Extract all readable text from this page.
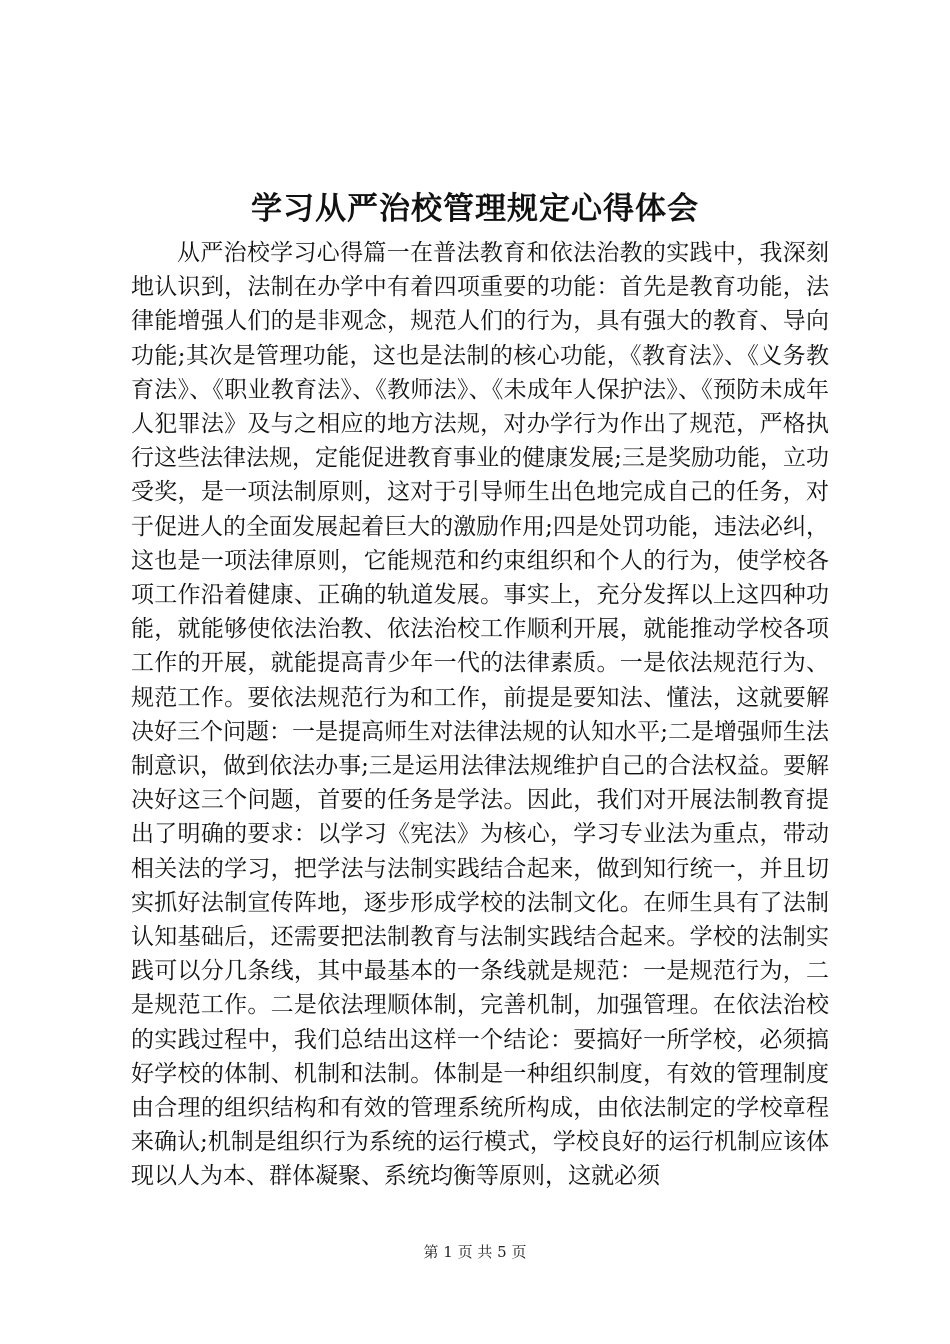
学习从严治校管理规定心得体会

从严治校学习心得篇一在普法教育和依法治教的实践中，我深刻地认识到，法制在办学中有着四项重要的功能：首先是教育功能，法律能增强人们的是非观念，规范人们的行为，具有强大的教育、导向功能;其次是管理功能，这也是法制的核心功能，《教育法》、《义务教育法》、《职业教育法》、《教师法》、《未成年人保护法》、《预防未成年人犯罪法》及与之相应的地方法规，对办学行为作出了规范，严格执行这些法律法规，定能促进教育事业的健康发展;三是奖励功能，立功受奖，是一项法制原则，这对于引导师生出色地完成自己的任务，对于促进人的全面发展起着巨大的激励作用;四是处罚功能，违法必纠，这也是一项法律原则，它能规范和约束组织和个人的行为，使学校各项工作沿着健康、正确的轨道发展。事实上，充分发挥以上这四种功能，就能够使依法治教、依法治校工作顺利开展，就能推动学校各项工作的开展，就能提高青少年一代的法律素质。一是依法规范行为、规范工作。要依法规范行为和工作，前提是要知法、懂法，这就要解决好三个问题：一是提高师生对法律法规的认知水平;二是增强师生法制意识，做到依法办事;三是运用法律法规维护自己的合法权益。要解决好这三个问题，首要的任务是学法。因此，我们对开展法制教育提出了明确的要求：以学习《宪法》为核心，学习专业法为重点，带动相关法的学习，把学法与法制实践结合起来，做到知行统一，并且切实抓好法制宣传阵地，逐步形成学校的法制文化。在师生具有了法制认知基础后，还需要把法制教育与法制实践结合起来。学校的法制实践可以分几条线，其中最基本的一条线就是规范：一是规范行为，二是规范工作。二是依法理顺体制，完善机制，加强管理。在依法治校的实践过程中，我们总结出这样一个结论：要搞好一所学校，必须搞好学校的体制、机制和法制。体制是一种组织制度，有效的管理制度由合理的组织结构和有效的管理系统所构成，由依法制定的学校章程来确认;机制是组织行为系统的运行模式，学校良好的运行机制应该体现以人为本、群体凝聚、系统均衡等原则，这就必须

第 1 页 共 5 页
